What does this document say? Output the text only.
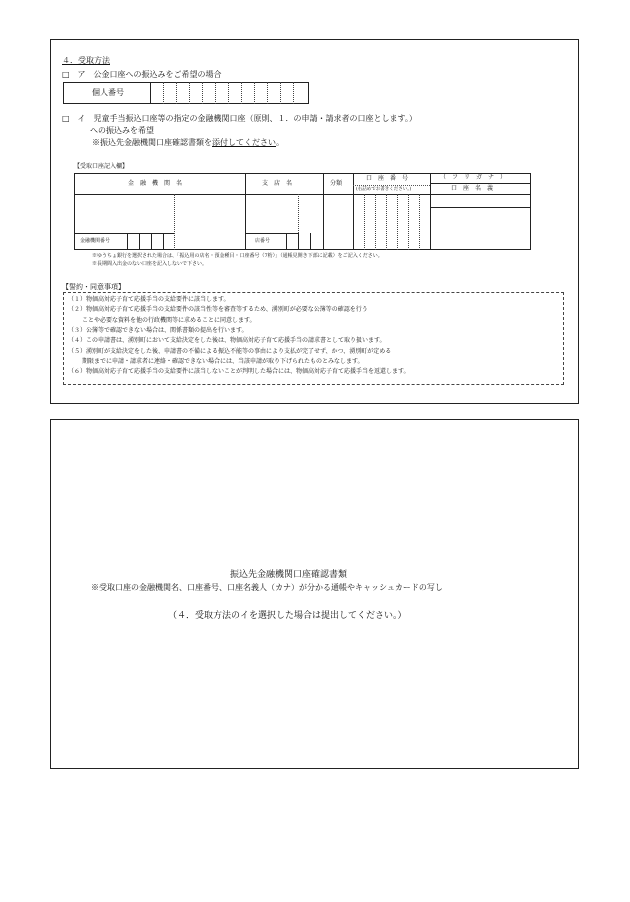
４．受取方法
□　ア　公金口座への振込みをご希望の場合
個人番号
□　イ　児童手当振込口座等の指定の金融機関口座（原則、１．の申請・請求者の口座とします。）
への振込みを希望
※振込先金融機関口座確認書類を添付してください。
【受取口座記入欄】
金　融　機　関　名	支　店　名	分類
口　座　番　号
(右詰めでお書きください。)
（　フ　リ　ガ　ナ　）
口　座　名　義
金融機関番号	店番号
※ゆうちょ銀行を選択された場合は、「振込用の店名・預金種目・口座番号（7桁）」（通帳見開き下部に記載）をご記入ください。
※長期間入出金のない口座を記入しないで下さい。
【誓約・同意事項】
（１）物価高対応子育て応援手当の支給要件に該当します。
（２）物価高対応子育て応援手当の支給要件の該当性等を審査等するため、湧別町が必要な公簿等の確認を行う
ことや必要な資料を他の行政機関等に求めることに同意します。
（３）公簿等で確認できない場合は、関係書類の提出を行います。
（４）この申請書は、湧別町において支給決定をした後は、物価高対応子育て応援手当の請求書として取り扱います。
（５）湧別町が支給決定をした後、申請書の不備による振込不能等の事由により支払が完了せず、かつ、湧別町が定める
期限までに申請・請求者に連絡・確認できない場合には、当該申請が取り下げられたものとみなします。
（６）物価高対応子育て応援手当の支給要件に該当しないことが判明した場合には、物価高対応子育て応援手当を返還します。
振込先金融機関口座確認書類
※受取口座の金融機関名、口座番号、口座名義人（カナ）が分かる通帳やキャッシュカードの写し
（４．受取方法のイを選択した場合は提出してください。）
